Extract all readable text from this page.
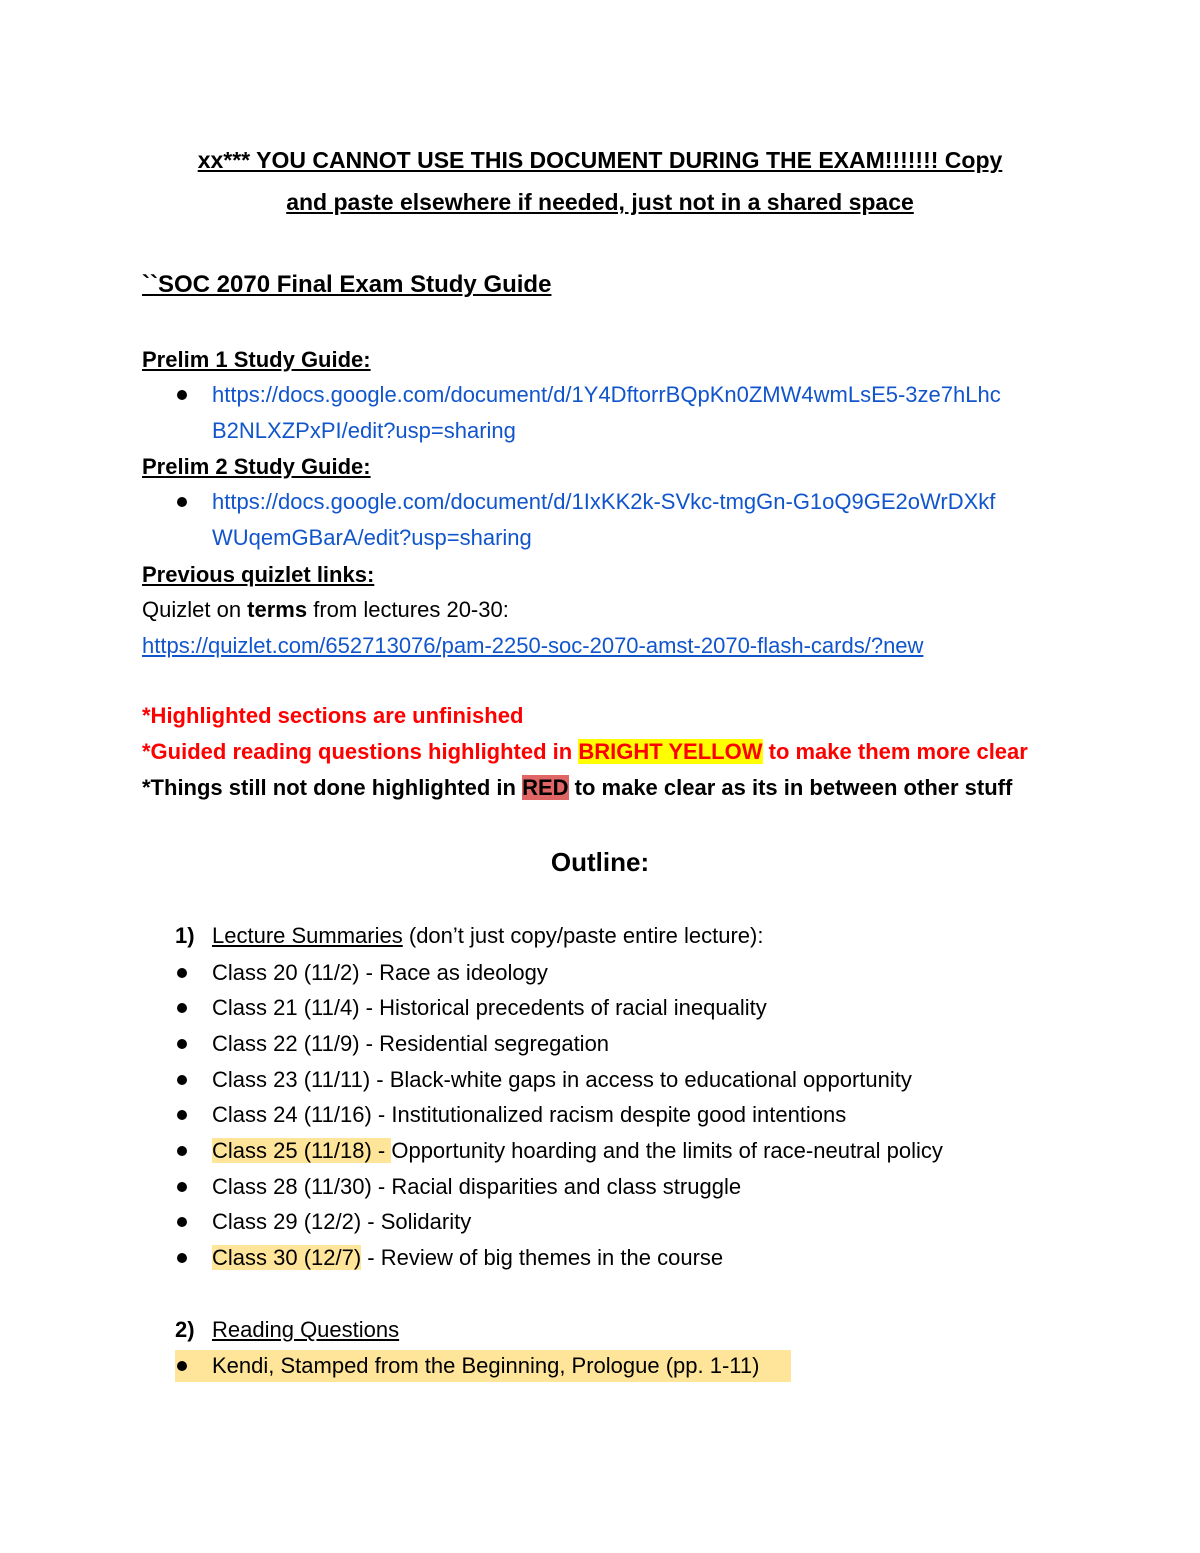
xx*** YOU CANNOT USE THIS DOCUMENT DURING THE EXAM!!!!!!! Copy
and paste elsewhere if needed, just not in a shared space
``SOC 2070 Final Exam Study Guide
Prelim 1 Study Guide:
https://docs.google.com/document/d/1Y4DftorrBQpKn0ZMW4wmLsE5-3ze7hLhc
B2NLXZPxPI/edit?usp=sharing
Prelim 2 Study Guide:
https://docs.google.com/document/d/1IxKK2k-SVkc-tmgGn-G1oQ9GE2oWrDXkf
WUqemGBarA/edit?usp=sharing
Previous quizlet links:
Quizlet on terms from lectures 20-30:
https://quizlet.com/652713076/pam-2250-soc-2070-amst-2070-flash-cards/?new
*Highlighted sections are unfinished
*Guided reading questions highlighted in BRIGHT YELLOW to make them more clear
*Things still not done highlighted in RED to make clear as its in between other stuff
Outline:
1) Lecture Summaries (don’t just copy/paste entire lecture):
Class 20 (11/2) - Race as ideology
Class 21 (11/4) - Historical precedents of racial inequality
Class 22 (11/9) - Residential segregation
Class 23 (11/11) - Black-white gaps in access to educational opportunity
Class 24 (11/16) - Institutionalized racism despite good intentions
Class 25 (11/18) - Opportunity hoarding and the limits of race-neutral policy
Class 28 (11/30) - Racial disparities and class struggle
Class 29 (12/2) - Solidarity
Class 30 (12/7) - Review of big themes in the course
2) Reading Questions
Kendi, Stamped from the Beginning, Prologue (pp. 1-11)
